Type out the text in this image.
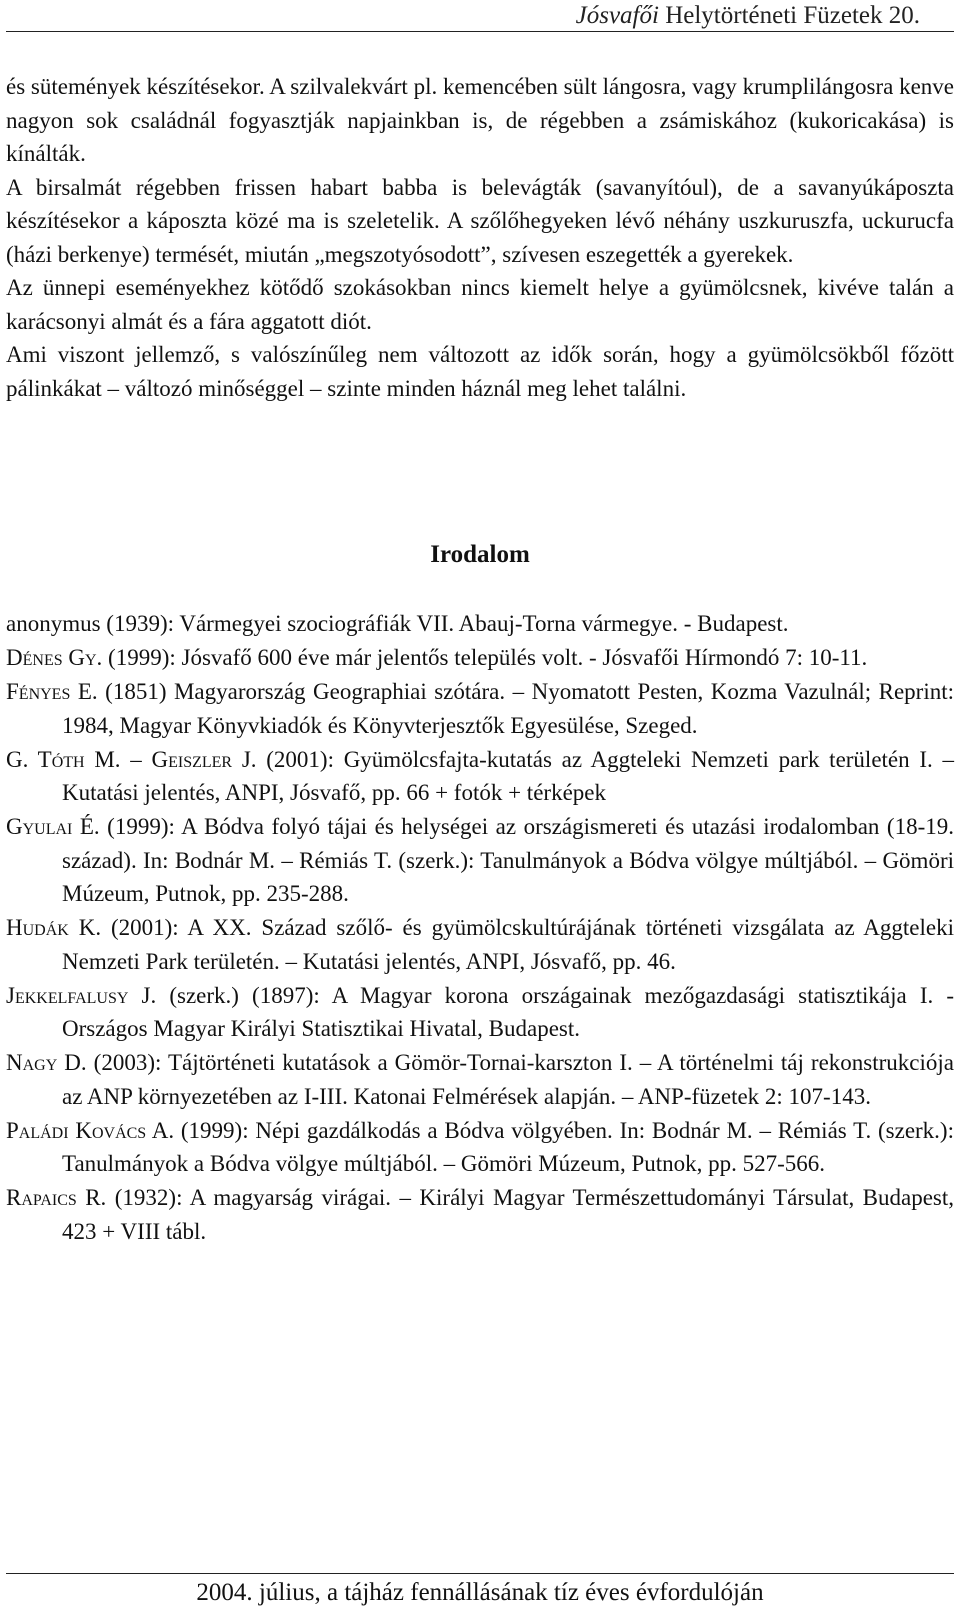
Jósvafői Helytörténeti Füzetek 20.

és sütemények készítésekor. A szilvalekvárt pl. kemencében sült lángosra, vagy krumplilángosra kenve nagyon sok családnál fogyasztják napjainkban is, de régebben a zsámiskához (kukoricakása) is kínálták.

A birsalmát régebben frissen habart babba is belevágták (savanyítóul), de a savanyúkáposzta készítésekor a káposzta közé ma is szeletelik. A szőlőhegyeken lévő néhány uszkuruszfa, uckurucfa (házi berkenye) termését, miután „megszotyósodott”, szívesen eszegették a gyerekek.

Az ünnepi eseményekhez kötődő szokásokban nincs kiemelt helye a gyümölcsnek, kivéve talán a karácsonyi almát és a fára aggatott diót.

Ami viszont jellemző, s valószínűleg nem változott az idők során, hogy a gyümölcsökből főzött pálinkákat – változó minőséggel – szinte minden háznál meg lehet találni.

Irodalom

anonymus (1939): Vármegyei szociográfiák VII. Abauj-Torna vármegye. - Budapest.

Dénes Gy. (1999): Jósvafő 600 éve már jelentős település volt. - Jósvafői Hírmondó 7: 10-11.

Fényes E. (1851) Magyarország Geographiai szótára. – Nyomatott Pesten, Kozma Vazulnál; Reprint: 1984, Magyar Könyvkiadók és Könyvterjesztők Egyesülése, Szeged.

G. Tóth M. – Geiszler J. (2001): Gyümölcsfajta-kutatás az Aggteleki Nemzeti park területén I. – Kutatási jelentés, ANPI, Jósvafő, pp. 66 + fotók + térképek

Gyulai É. (1999): A Bódva folyó tájai és helységei az országismereti és utazási irodalomban (18-19. század). In: Bodnár M. – Rémiás T. (szerk.): Tanulmányok a Bódva völgye múltjából. – Gömöri Múzeum, Putnok, pp. 235-288.

Hudák K. (2001): A XX. Század szőlő- és gyümölcskultúrájának történeti vizsgálata az Aggteleki Nemzeti Park területén. – Kutatási jelentés, ANPI, Jósvafő, pp. 46.

Jekkelfalusy J. (szerk.) (1897): A Magyar korona országainak mezőgazdasági statisztikája I. - Országos Magyar Királyi Statisztikai Hivatal, Budapest.

Nagy D. (2003): Tájtörténeti kutatások a Gömör-Tornai-karszton I. – A történelmi táj rekonstrukciója az ANP környezetében az I-III. Katonai Felmérések alapján. – ANP-füzetek 2: 107-143.

Paládi Kovács A. (1999): Népi gazdálkodás a Bódva völgyében. In: Bodnár M. – Rémiás T. (szerk.): Tanulmányok a Bódva völgye múltjából. – Gömöri Múzeum, Putnok, pp. 527-566.

Rapaics R. (1932): A magyarság virágai. – Királyi Magyar Természettudományi Társulat, Budapest, 423 + VIII tábl.

2004. július, a tájház fennállásának tíz éves évfordulóján
